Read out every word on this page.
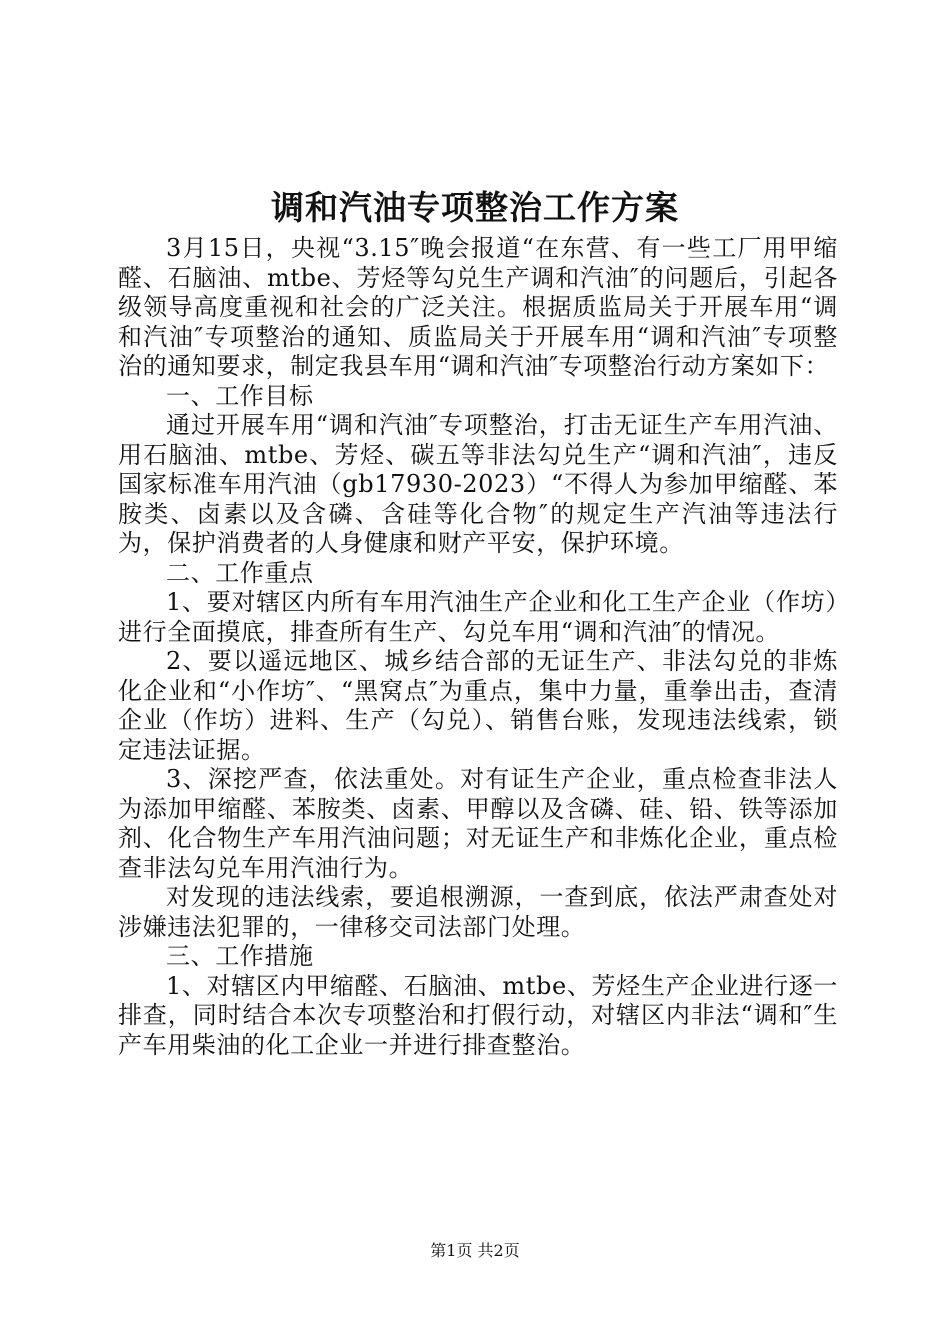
调和汽油专项整治工作方案

3月15日，央视“3.15″晚会报道“在东营、有一些工厂用甲缩醛、石脑油、mtbe、芳烃等勾兑生产调和汽油″的问题后，引起各级领导高度重视和社会的广泛关注。根据质监局关于开展车用“调和汽油″专项整治的通知、质监局关于开展车用“调和汽油″专项整治的通知要求，制定我县车用“调和汽油″专项整治行动方案如下：

一、工作目标

通过开展车用“调和汽油″专项整治，打击无证生产车用汽油、用石脑油、mtbe、芳烃、碳五等非法勾兑生产“调和汽油″，违反国家标准车用汽油（gb17930-2023）“不得人为参加甲缩醛、苯胺类、卤素以及含磷、含硅等化合物″的规定生产汽油等违法行为，保护消费者的人身健康和财产平安，保护环境。

二、工作重点

1、要对辖区内所有车用汽油生产企业和化工生产企业（作坊）进行全面摸底，排查所有生产、勾兑车用“调和汽油″的情况。

2、要以遥远地区、城乡结合部的无证生产、非法勾兑的非炼化企业和“小作坊″、“黑窝点″为重点，集中力量，重拳出击，查清企业（作坊）进料、生产（勾兑）、销售台账，发现违法线索，锁定违法证据。

3、深挖严查，依法重处。对有证生产企业，重点检查非法人为添加甲缩醛、苯胺类、卤素、甲醇以及含磷、硅、铅、铁等添加剂、化合物生产车用汽油问题；对无证生产和非炼化企业，重点检查非法勾兑车用汽油行为。

对发现的违法线索，要追根溯源，一查到底，依法严肃查处对涉嫌违法犯罪的，一律移交司法部门处理。

三、工作措施

1、对辖区内甲缩醛、石脑油、mtbe、芳烃生产企业进行逐一排查，同时结合本次专项整治和打假行动，对辖区内非法“调和″生产车用柴油的化工企业一并进行排查整治。

第1页 共2页
